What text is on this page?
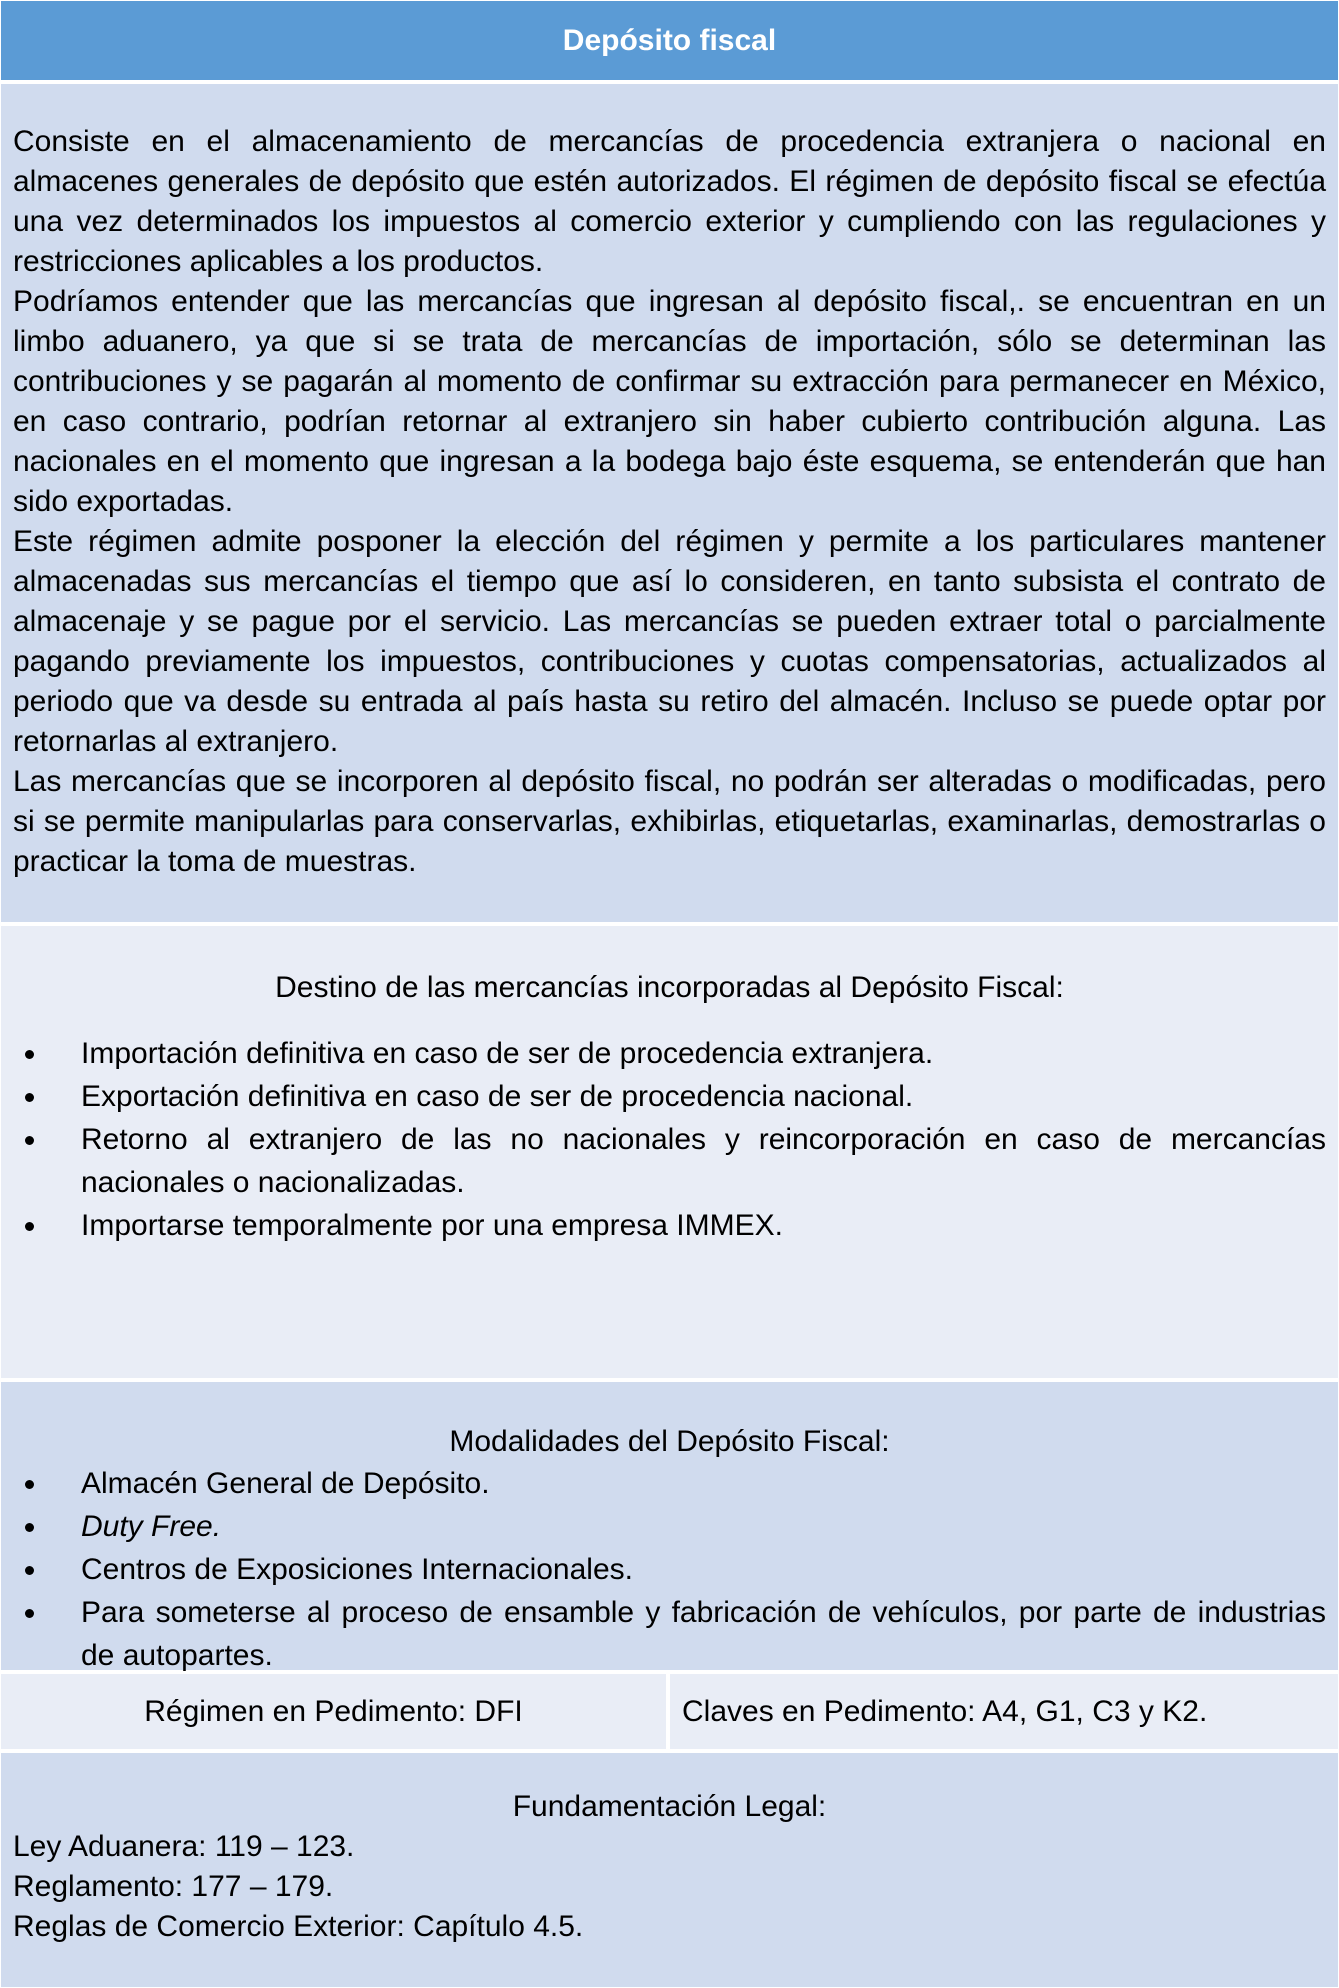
Depósito fiscal

Consiste en el almacenamiento de mercancías de procedencia extranjera o nacional en almacenes generales de depósito que estén autorizados. El régimen de depósito fiscal se efectúa una vez determinados los impuestos al comercio exterior y cumpliendo con las regulaciones y restricciones aplicables a los productos.

Podríamos entender que las mercancías que ingresan al depósito fiscal,. se encuentran en un limbo aduanero, ya que si se trata de mercancías de importación, sólo se determinan las contribuciones y se pagarán al momento de confirmar su extracción para permanecer en México, en caso contrario, podrían retornar al extranjero sin haber cubierto contribución alguna. Las nacionales en el momento que ingresan a la bodega bajo éste esquema, se entenderán que han sido exportadas.

Este régimen admite posponer la elección del régimen y permite a los particulares mantener almacenadas sus mercancías el tiempo que así lo consideren, en tanto subsista el contrato de almacenaje y se pague por el servicio. Las mercancías se pueden extraer total o parcialmente pagando previamente los impuestos, contribuciones y cuotas compensatorias, actualizados al periodo que va desde su entrada al país hasta su retiro del almacén. Incluso se puede optar por retornarlas al extranjero.

Las mercancías que se incorporen al depósito fiscal, no podrán ser alteradas o modificadas, pero si se permite manipularlas para conservarlas, exhibirlas, etiquetarlas, examinarlas, demostrarlas o practicar la toma de muestras.

Destino de las mercancías incorporadas al Depósito Fiscal:

Importación definitiva en caso de ser de procedencia extranjera.
Exportación definitiva en caso de ser de procedencia nacional.
Retorno al extranjero de las no nacionales y reincorporación en caso de mercancías nacionales o nacionalizadas.
Importarse temporalmente por una empresa IMMEX.

Modalidades del Depósito Fiscal:

Almacén General de Depósito.
Duty Free.
Centros de Exposiciones Internacionales.
Para someterse al proceso de ensamble y fabricación de vehículos, por parte de industrias de autopartes.
Régimen en Pedimento: DFI	Claves en Pedimento: A4, G1, C3 y K2.

Fundamentación Legal:

Ley Aduanera: 119 – 123.

Reglamento: 177 – 179.

Reglas de Comercio Exterior: Capítulo 4.5.
